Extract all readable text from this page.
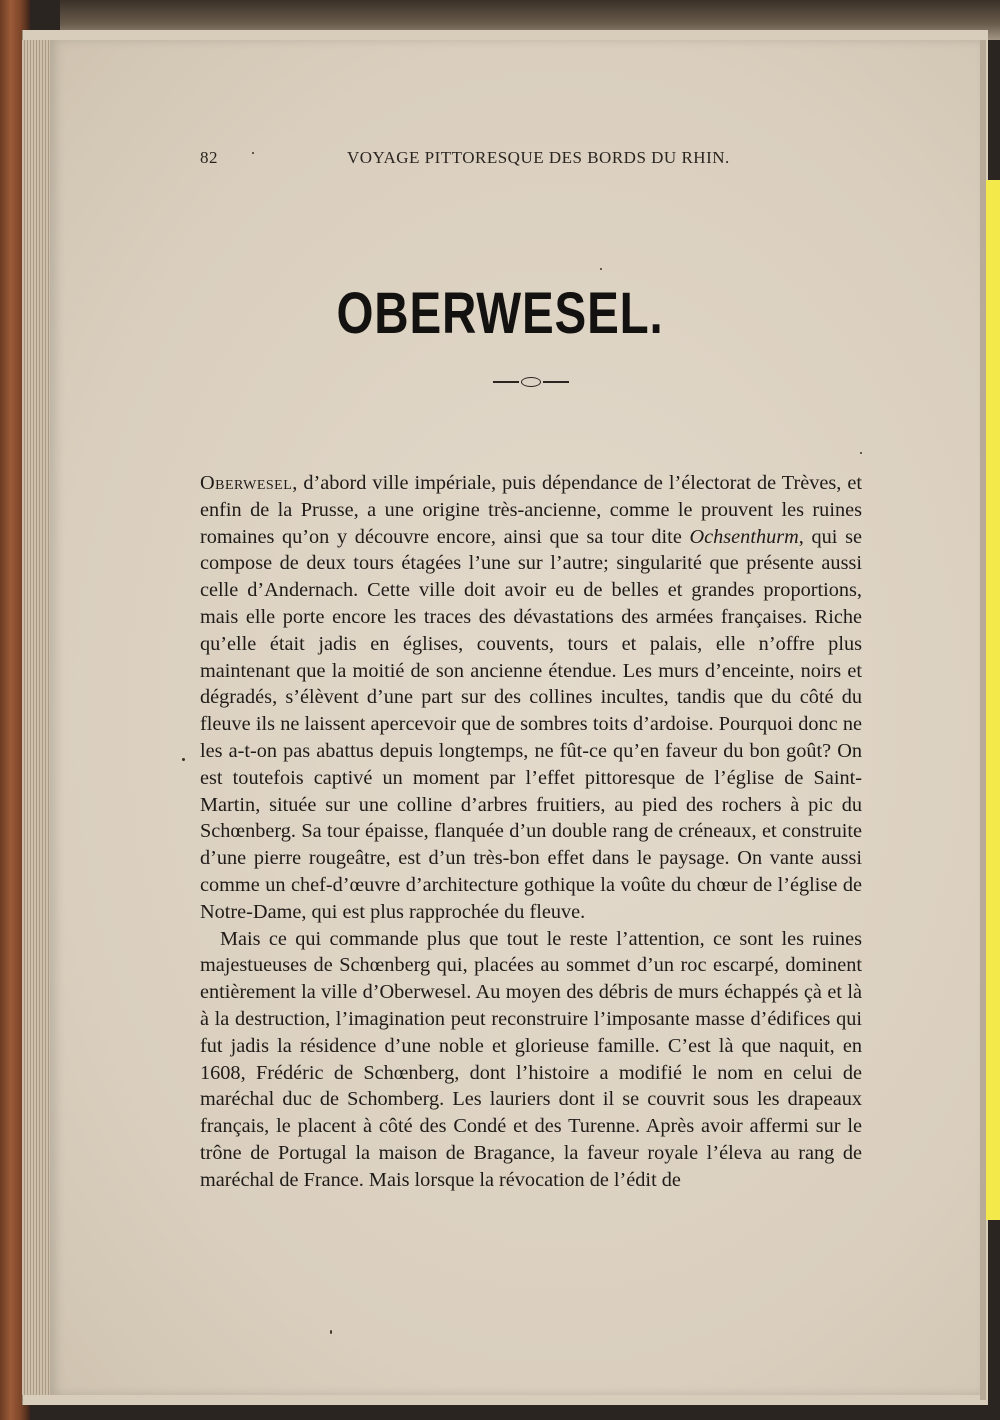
82	VOYAGE PITTORESQUE DES BORDS DU RHIN.
OBERWESEL.

Oberwesel, d’abord ville impériale, puis dépendance de l’électorat de Trèves, et enfin de la Prusse, a une origine très-ancienne, comme le prouvent les ruines romaines qu’on y découvre encore, ainsi que sa tour dite Ochsenthurm, qui se compose de deux tours étagées l’une sur l’autre; singularité que présente aussi celle d’Andernach. Cette ville doit avoir eu de belles et grandes proportions, mais elle porte encore les traces des dévastations des armées françaises. Riche qu’elle était jadis en églises, couvents, tours et palais, elle n’offre plus maintenant que la moitié de son ancienne étendue. Les murs d’enceinte, noirs et dégradés, s’élèvent d’une part sur des collines incultes, tandis que du côté du fleuve ils ne laissent apercevoir que de sombres toits d’ardoise. Pourquoi donc ne les a-t-on pas abattus depuis longtemps, ne fût-ce qu’en faveur du bon goût? On est toutefois captivé un moment par l’effet pittoresque de l’église de Saint-Martin, située sur une colline d’arbres fruitiers, au pied des rochers à pic du Schœnberg. Sa tour épaisse, flanquée d’un double rang de créneaux, et construite d’une pierre rougeâtre, est d’un très-bon effet dans le paysage. On vante aussi comme un chef-d’œuvre d’architecture gothique la voûte du chœur de l’église de Notre-Dame, qui est plus rapprochée du fleuve.

Mais ce qui commande plus que tout le reste l’attention, ce sont les ruines majestueuses de Schœnberg qui, placées au sommet d’un roc escarpé, dominent entièrement la ville d’Oberwesel. Au moyen des débris de murs échappés çà et là à la destruction, l’imagination peut reconstruire l’imposante masse d’édifices qui fut jadis la résidence d’une noble et glorieuse famille. C’est là que naquit, en 1608, Frédéric de Schœnberg, dont l’histoire a modifié le nom en celui de maréchal duc de Schomberg. Les lauriers dont il se couvrit sous les drapeaux français, le placent à côté des Condé et des Turenne. Après avoir affermi sur le trône de Portugal la maison de Bragance, la faveur royale l’éleva au rang de maréchal de France. Mais lorsque la révocation de l’édit de
